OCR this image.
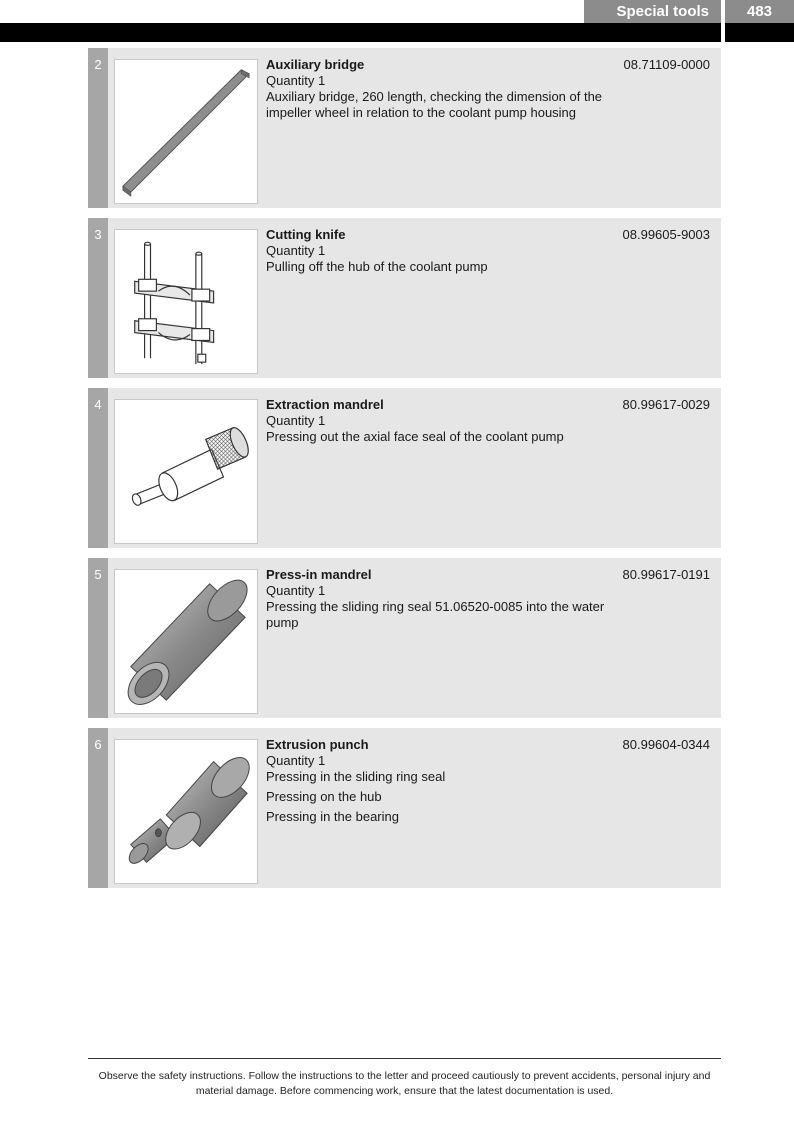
Special tools	483
2	Auxiliary bridge
Quantity 1
Auxiliary bridge, 260 length, checking the dimension of the impeller wheel in relation to the coolant pump housing
08.71109-0000
3	Cutting knife
Quantity 1
Pulling off the hub of the coolant pump
08.99605-9003
4	Extraction mandrel
Quantity 1
Pressing out the axial face seal of the coolant pump
80.99617-0029
5	Press-in mandrel
Quantity 1
Pressing the sliding ring seal 51.06520-0085 into the water pump
80.99617-0191
6	Extrusion punch
Quantity 1
Pressing in the sliding ring seal
Pressing on the hub
Pressing in the bearing
80.99604-0344
Observe the safety instructions. Follow the instructions to the letter and proceed cautiously to prevent accidents, personal injury and material damage. Before commencing work, ensure that the latest documentation is used.
